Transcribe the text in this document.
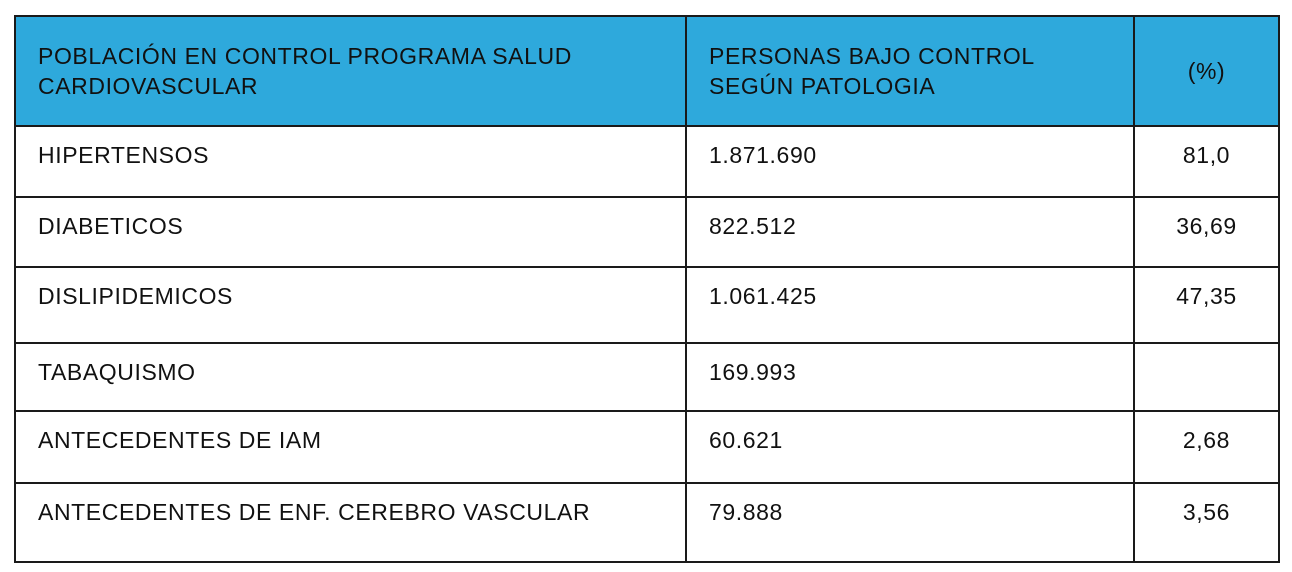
POBLACIÓN EN CONTROL PROGRAMA SALUD CARDIOVASCULAR	PERSONAS BAJO CONTROL SEGÚN PATOLOGIA	(%)
HIPERTENSOS	1.871.690	81,0
DIABETICOS	822.512	36,69
DISLIPIDEMICOS	1.061.425	47,35
TABAQUISMO	169.993	
ANTECEDENTES DE IAM	60.621	2,68
ANTECEDENTES DE ENF. CEREBRO VASCULAR	79.888	3,56
